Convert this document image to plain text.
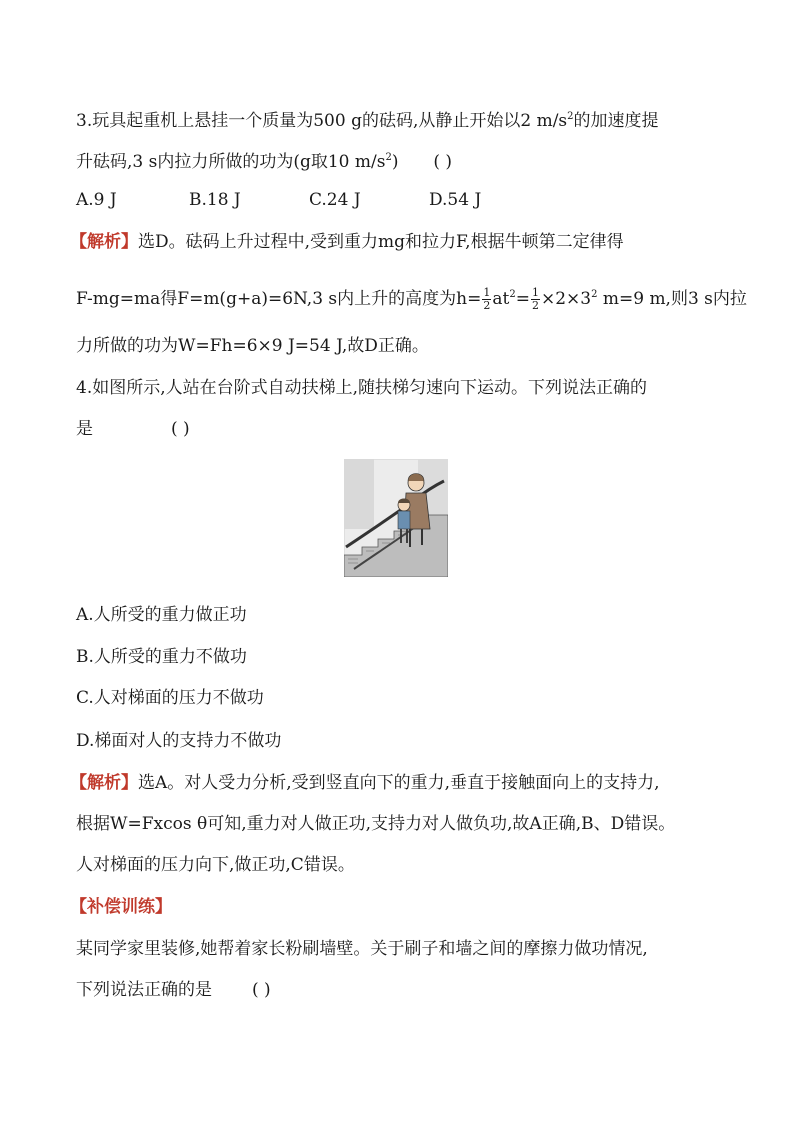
3.玩具起重机上悬挂一个质量为500 g的砝码,从静止开始以2 $m/s^2$的加速度提
升砝码,3 s内拉力所做的功为(g取10 $m/s^2$) ( )
A.9 J	B.18 J	C.24 J	D.54 J
【解析】选D。砝码上升过程中,受到重力mg和拉力F,根据牛顿第二定律得
F-mg=ma得F=m(g+a)=6N,3 s内上升的高度为$h= \frac{1}{2} at^2= \frac{1}{2} \times 2\times 3^2$ m=9 m,则3 s内拉
力所做的功为W=Fh=6×9 J=54 J,故D正确。
4.如图所示,人站在台阶式自动扶梯上,随扶梯匀速向下运动。下列说法正确的
是	( )
A.人所受的重力做正功
B.人所受的重力不做功
C.人对梯面的压力不做功
D.梯面对人的支持力不做功
【解析】选A。对人受力分析,受到竖直向下的重力,垂直于接触面向上的支持力,
根据W=Fxcos θ可知,重力对人做正功,支持力对人做负功,故A正确,B、D错误。
人对梯面的压力向下,做正功,C错误。
【补偿训练】
某同学家里装修,她帮着家长粉刷墙壁。关于刷子和墙之间的摩擦力做功情况,
下列说法正确的是 ( )
